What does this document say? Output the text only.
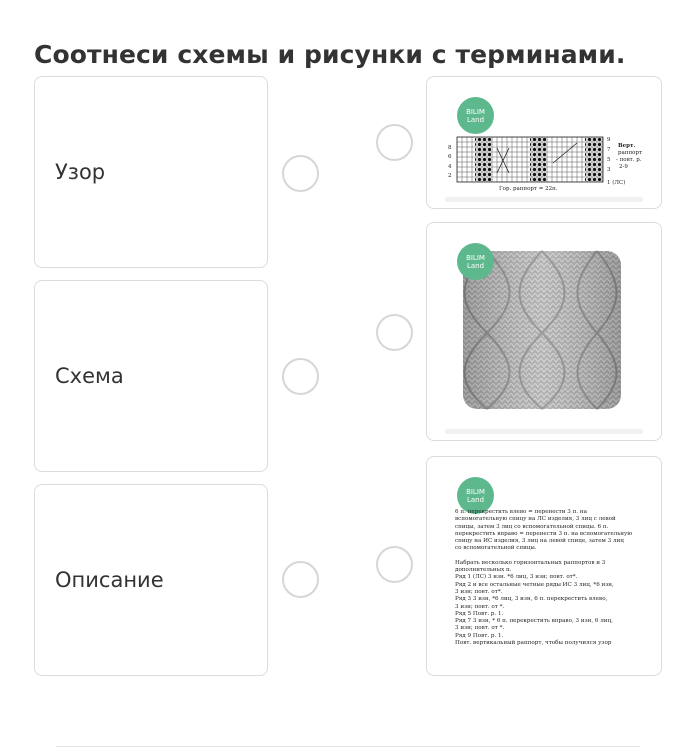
Соотнеси схемы и рисунки с терминами.
Узор
Схема
Описание
BILIM
Land
8
6
4
2
9
7
5
3
1 (ЛС)
Верт.
раппорт
- повт. р.
2-9
Гор. раппорт = 22п.
BILIM
Land
BILIM
Land

6 п. перекрестить влево = перенести 3 п. на

вспомогательную спицу на ЛС изделия, 3 лиц с левой

спицы, затем 3 лиц со вспомогательной спицы. 6 п.

перекрестить вправо = перенести 3 п. на вспомогательную

спицу на ИС изделия, 3 лиц на левой спице, затем 3 лиц

со вспомогательной спицы.

Набрать несколько горизонтальных раппортов и 3

дополнительных п.

Ряд 1 (ЛС) 3 изн. *6 лиц, 3 изн; повт. от*.

Ряд 2 и все остальные четные ряды ИС 3 лиц, *6 изн,

3 изн; повт. от*.

Ряд 3 3 изн, *6 лиц, 3 изн, 6 п. перекрестить влево,

3 изн; повт. от *.

Ряд 5 Повт. р. 1.

Ряд 7 3 изн, * 6 п. перекрестить вправо, 3 изн, 6 лиц,

3 изн; повт. от *.

Ряд 9 Повт. р. 1.

Повт. вертикальный раппорт, чтобы получился узор
